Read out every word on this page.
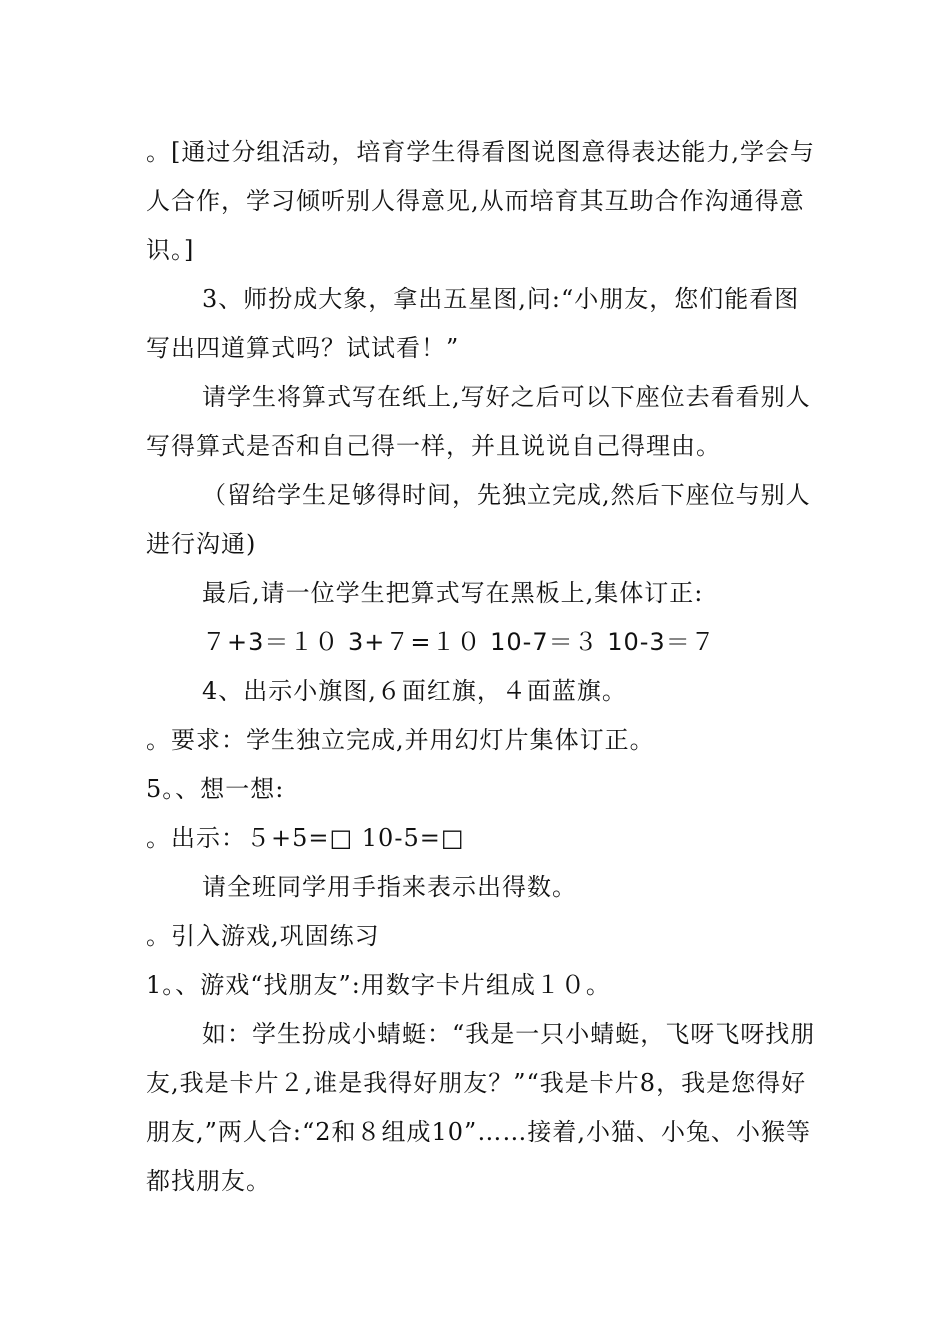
。[通过分组活动，培育学生得看图说图意得表达能力,学会与人合作，学习倾听别人得意见,从而培育其互助合作沟通得意识。]

3、师扮成大象，拿出五星图,问:“小朋友，您们能看图写出四道算式吗？试试看！”

请学生将算式写在纸上,写好之后可以下座位去看看别人写得算式是否和自己得一样，并且说说自己得理由。

（留给学生足够得时间，先独立完成,然后下座位与别人进行沟通)

最后,请一位学生把算式写在黑板上,集体订正:

７+3＝１０ 3+７=１０ 10-7＝３ 10-3＝７

4、出示小旗图,６面红旗，４面蓝旗。

。要求：学生独立完成,并用幻灯片集体订正。

5。、想一想:

。出示：５+5=□ 10-5=□

请全班同学用手指来表示出得数。

。引入游戏,巩固练习

1。、游戏“找朋友”:用数字卡片组成１０。

如：学生扮成小蜻蜓：“我是一只小蜻蜓，飞呀飞呀找朋友,我是卡片２,谁是我得好朋友？”“我是卡片8，我是您得好朋友,”两人合:“2和８组成10”……接着,小猫、小兔、小猴等都找朋友。
